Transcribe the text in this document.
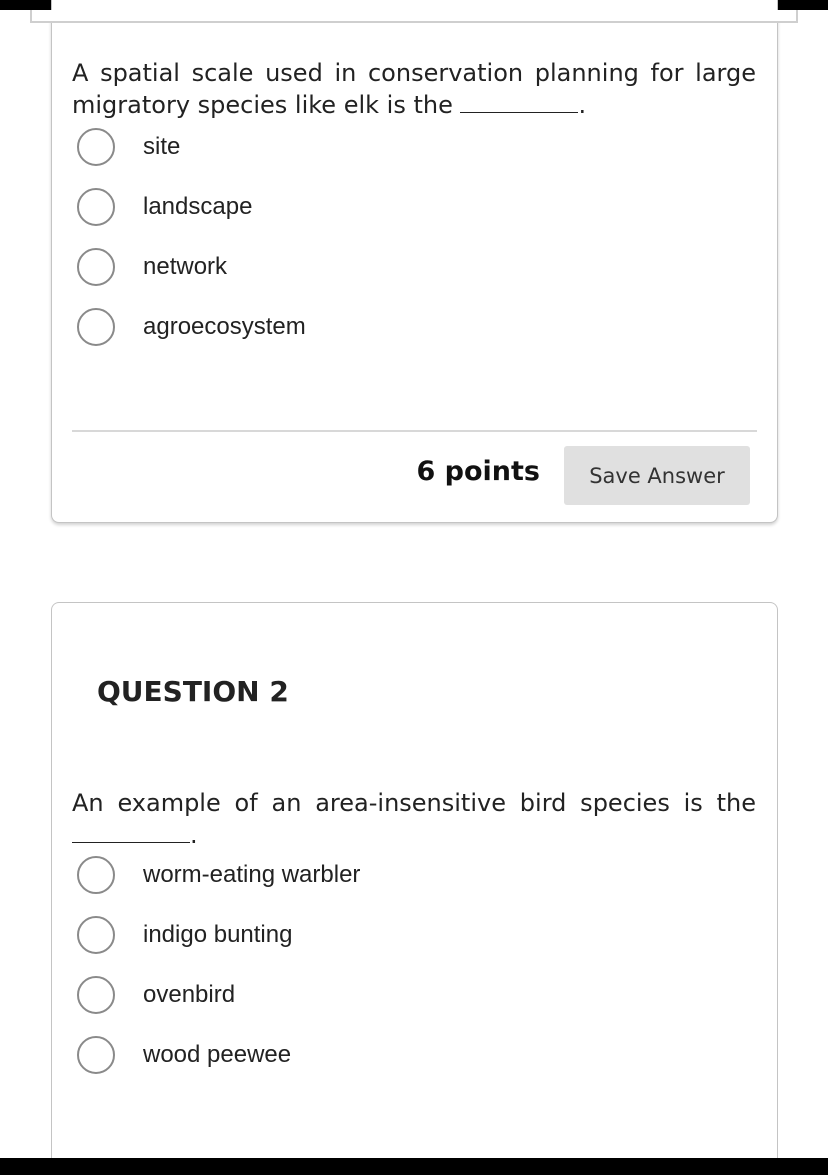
A spatial scale used in conservation planning for large migratory species like elk is the	.

site
landscape
network
agroecosystem
6 points	Save Answer
QUESTION 2

An example of an area-insensitive bird species is the .

worm-eating warbler
indigo bunting
ovenbird
wood peewee
